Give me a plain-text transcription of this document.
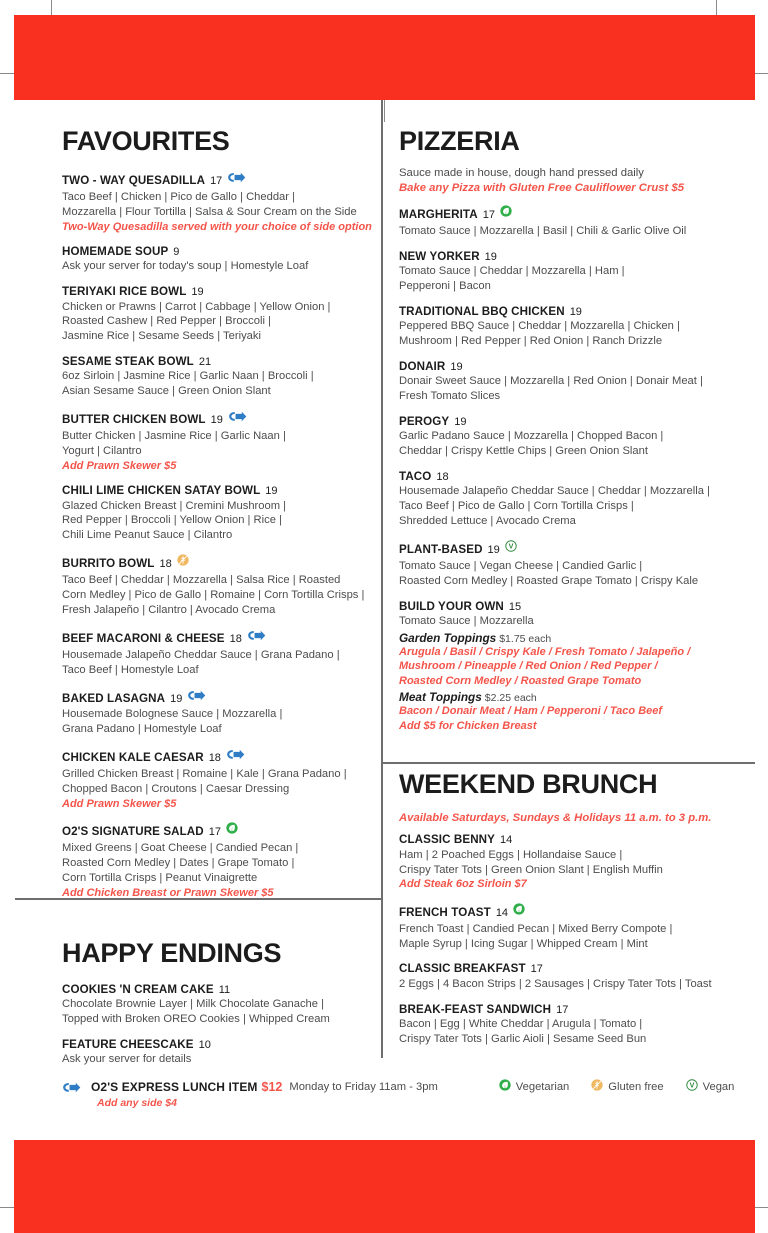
FAVOURITES
TWO - WAY QUESADILLA 17
Taco Beef | Chicken | Pico de Gallo | Cheddar |
Mozzarella | Flour Tortilla | Salsa & Sour Cream on the Side
Two-Way Quesadilla served with your choice of side option
HOMEMADE SOUP 9
Ask your server for today's soup | Homestyle Loaf
TERIYAKI RICE BOWL 19
Chicken or Prawns | Carrot | Cabbage | Yellow Onion |
Roasted Cashew | Red Pepper | Broccoli |
Jasmine Rice | Sesame Seeds | Teriyaki
SESAME STEAK BOWL 21
6oz Sirloin | Jasmine Rice | Garlic Naan | Broccoli |
Asian Sesame Sauce | Green Onion Slant
BUTTER CHICKEN BOWL 19
Butter Chicken | Jasmine Rice | Garlic Naan |
Yogurt | Cilantro
Add Prawn Skewer $5
CHILI LIME CHICKEN SATAY BOWL 19
Glazed Chicken Breast | Cremini Mushroom |
Red Pepper | Broccoli | Yellow Onion | Rice |
Chili Lime Peanut Sauce | Cilantro
BURRITO BOWL 18
Taco Beef | Cheddar | Mozzarella | Salsa Rice | Roasted
Corn Medley | Pico de Gallo | Romaine | Corn Tortilla Crisps |
Fresh Jalapeño | Cilantro | Avocado Crema
BEEF MACARONI & CHEESE 18
Housemade Jalapeño Cheddar Sauce | Grana Padano |
Taco Beef | Homestyle Loaf
BAKED LASAGNA 19
Housemade Bolognese Sauce | Mozzarella |
Grana Padano | Homestyle Loaf
CHICKEN KALE CAESAR 18
Grilled Chicken Breast | Romaine | Kale | Grana Padano |
Chopped Bacon | Croutons | Caesar Dressing
Add Prawn Skewer $5
O2'S SIGNATURE SALAD 17
Mixed Greens | Goat Cheese | Candied Pecan |
Roasted Corn Medley | Dates | Grape Tomato |
Corn Tortilla Crisps | Peanut Vinaigrette
Add Chicken Breast or Prawn Skewer $5
HAPPY ENDINGS
COOKIES 'N CREAM CAKE 11
Chocolate Brownie Layer | Milk Chocolate Ganache |
Topped with Broken OREO Cookies | Whipped Cream
FEATURE CHEESCAKE 10
Ask your server for details
PIZZERIA
Sauce made in house, dough hand pressed daily
Bake any Pizza with Gluten Free Cauliflower Crust $5
MARGHERITA 17
Tomato Sauce | Mozzarella | Basil | Chili & Garlic Olive Oil
NEW YORKER 19
Tomato Sauce | Cheddar | Mozzarella | Ham |
Pepperoni | Bacon
TRADITIONAL BBQ CHICKEN 19
Peppered BBQ Sauce | Cheddar | Mozzarella | Chicken |
Mushroom | Red Pepper | Red Onion | Ranch Drizzle
DONAIR 19
Donair Sweet Sauce | Mozzarella | Red Onion | Donair Meat |
Fresh Tomato Slices
PEROGY 19
Garlic Padano Sauce | Mozzarella | Chopped Bacon |
Cheddar | Crispy Kettle Chips | Green Onion Slant
TACO 18
Housemade Jalapeño Cheddar Sauce | Cheddar | Mozzarella |
Taco Beef | Pico de Gallo | Corn Tortilla Crisps |
Shredded Lettuce | Avocado Crema
PLANT-BASED 19 V
Tomato Sauce | Vegan Cheese | Candied Garlic |
Roasted Corn Medley | Roasted Grape Tomato | Crispy Kale
BUILD YOUR OWN 15
Tomato Sauce | Mozzarella
Garden Toppings $1.75 each
Arugula / Basil / Crispy Kale / Fresh Tomato / Jalapeño /
Mushroom / Pineapple / Red Onion / Red Pepper /
Roasted Corn Medley / Roasted Grape Tomato
Meat Toppings $2.25 each
Bacon / Donair Meat / Ham / Pepperoni / Taco Beef
Add $5 for Chicken Breast
WEEKEND BRUNCH
Available Saturdays, Sundays & Holidays 11 a.m. to 3 p.m.
CLASSIC BENNY 14
Ham | 2 Poached Eggs | Hollandaise Sauce |
Crispy Tater Tots | Green Onion Slant | English Muffin
Add Steak 6oz Sirloin $7
FRENCH TOAST 14
French Toast | Candied Pecan | Mixed Berry Compote |
Maple Syrup | Icing Sugar | Whipped Cream | Mint
CLASSIC BREAKFAST 17
2 Eggs | 4 Bacon Strips | 2 Sausages | Crispy Tater Tots | Toast
BREAK-FEAST SANDWICH 17
Bacon | Egg | White Cheddar | Arugula | Tomato |
Crispy Tater Tots | Garlic Aioli | Sesame Seed Bun
O2'S EXPRESS LUNCH ITEM $12 Monday to Friday 11am - 3pm	Vegetarian	Gluten free	V Vegan
Add any side $4
